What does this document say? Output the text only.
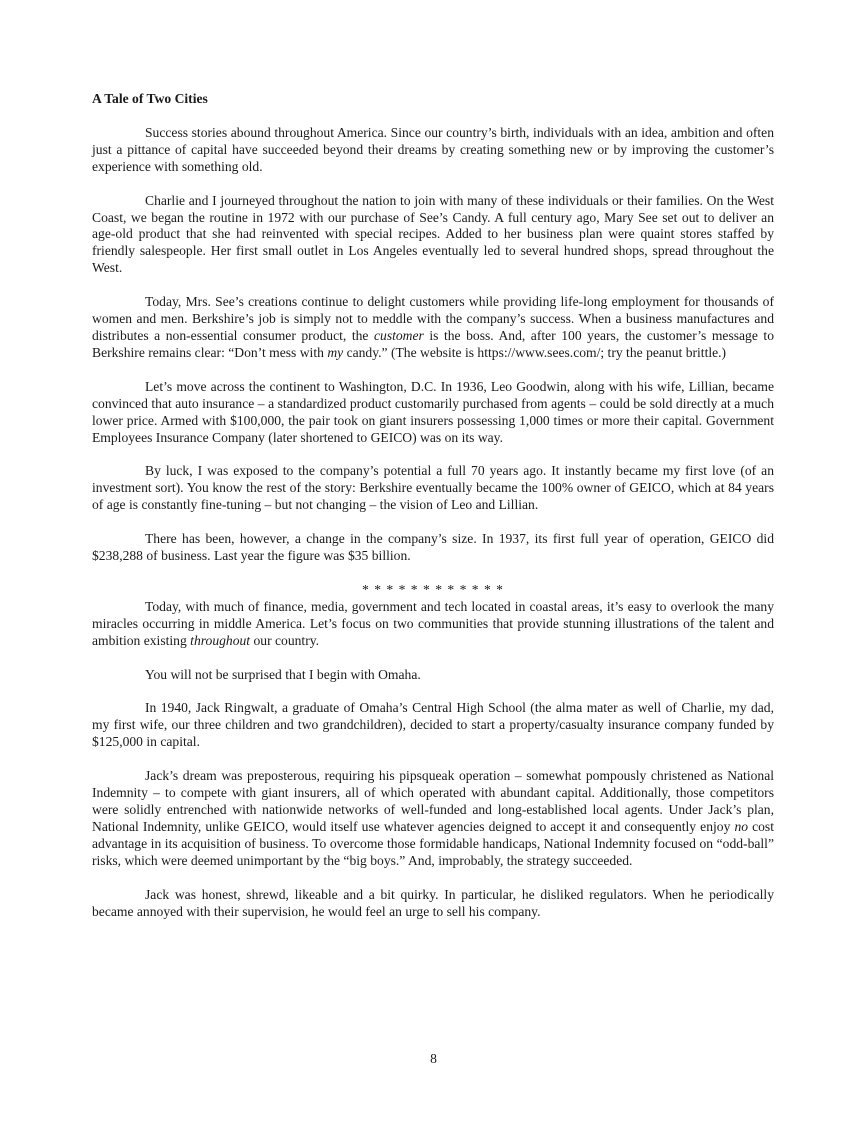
A Tale of Two Cities

Success stories abound throughout America. Since our country’s birth, individuals with an idea, ambition and often just a pittance of capital have succeeded beyond their dreams by creating something new or by improving the customer’s experience with something old.

Charlie and I journeyed throughout the nation to join with many of these individuals or their families. On the West Coast, we began the routine in 1972 with our purchase of See’s Candy. A full century ago, Mary See set out to deliver an age-old product that she had reinvented with special recipes. Added to her business plan were quaint stores staffed by friendly salespeople. Her first small outlet in Los Angeles eventually led to several hundred shops, spread throughout the West.

Today, Mrs. See’s creations continue to delight customers while providing life-long employment for thousands of women and men. Berkshire’s job is simply not to meddle with the company’s success. When a business manufactures and distributes a non-essential consumer product, the customer is the boss. And, after 100 years, the customer’s message to Berkshire remains clear: “Don’t mess with my candy.” (The website is https://www.sees.com/; try the peanut brittle.)

Let’s move across the continent to Washington, D.C. In 1936, Leo Goodwin, along with his wife, Lillian, became convinced that auto insurance – a standardized product customarily purchased from agents – could be sold directly at a much lower price. Armed with $100,000, the pair took on giant insurers possessing 1,000 times or more their capital. Government Employees Insurance Company (later shortened to GEICO) was on its way.

By luck, I was exposed to the company’s potential a full 70 years ago. It instantly became my first love (of an investment sort). You know the rest of the story: Berkshire eventually became the 100% owner of GEICO, which at 84 years of age is constantly fine-tuning – but not changing – the vision of Leo and Lillian.

There has been, however, a change in the company’s size. In 1937, its first full year of operation, GEICO did $238,288 of business. Last year the figure was $35 billion.

* * * * * * * * * * * *

Today, with much of finance, media, government and tech located in coastal areas, it’s easy to overlook the many miracles occurring in middle America. Let’s focus on two communities that provide stunning illustrations of the talent and ambition existing throughout our country.

You will not be surprised that I begin with Omaha.

In 1940, Jack Ringwalt, a graduate of Omaha’s Central High School (the alma mater as well of Charlie, my dad, my first wife, our three children and two grandchildren), decided to start a property/casualty insurance company funded by $125,000 in capital.

Jack’s dream was preposterous, requiring his pipsqueak operation – somewhat pompously christened as National Indemnity – to compete with giant insurers, all of which operated with abundant capital. Additionally, those competitors were solidly entrenched with nationwide networks of well-funded and long-established local agents. Under Jack’s plan, National Indemnity, unlike GEICO, would itself use whatever agencies deigned to accept it and consequently enjoy no cost advantage in its acquisition of business. To overcome those formidable handicaps, National Indemnity focused on “odd-ball” risks, which were deemed unimportant by the “big boys.” And, improbably, the strategy succeeded.

Jack was honest, shrewd, likeable and a bit quirky. In particular, he disliked regulators. When he periodically became annoyed with their supervision, he would feel an urge to sell his company.

8
